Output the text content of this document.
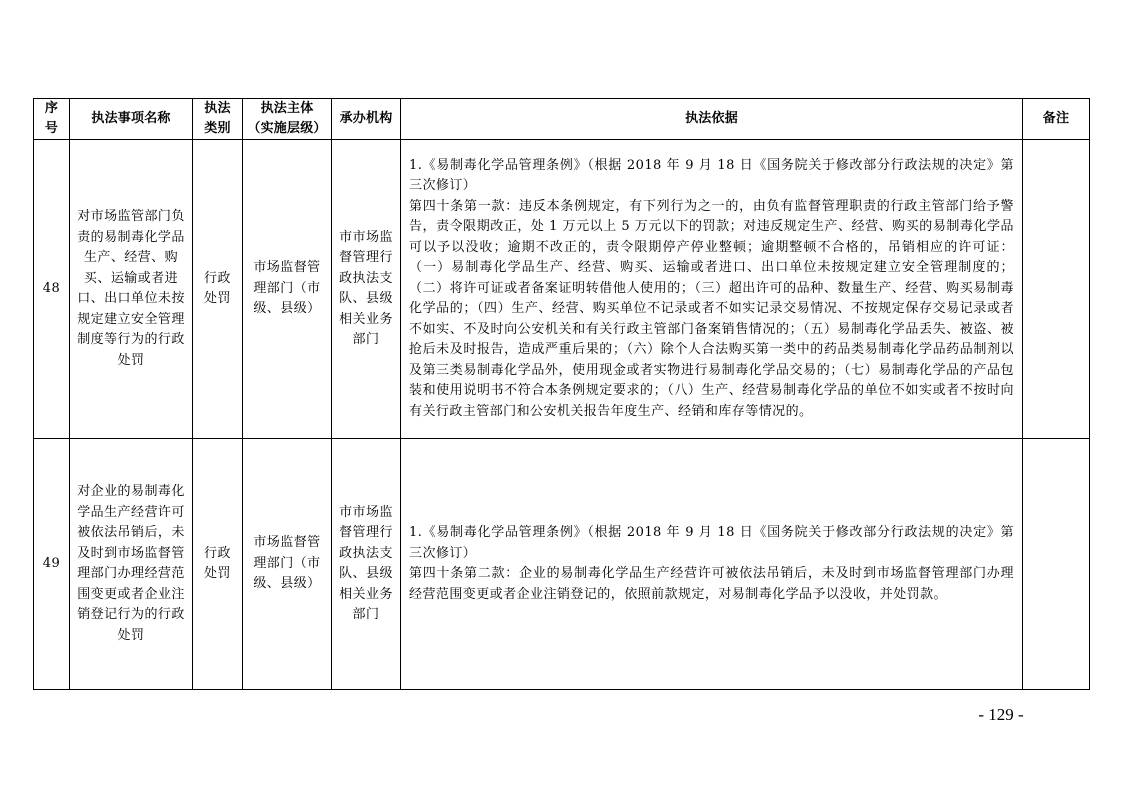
序号	执法事项名称	执法类别	执法主体（实施层级）	承办机构	执法依据	备注
48	对市场监管部门负责的易制毒化学品生产、经营、购买、运输或者进口、出口单位未按规定建立安全管理制度等行为的行政处罚	行政处罚	市场监督管理部门（市级、县级）	市市场监督管理行政执法支队、县级相关业务部门	1.《易制毒化学品管理条例》（根据 2018 年 9 月 18 日《国务院关于修改部分行政法规的决定》第三次修订）

第四十条第一款：违反本条例规定，有下列行为之一的，由负有监督管理职责的行政主管部门给予警告，责令限期改正，处 1 万元以上 5 万元以下的罚款；对违反规定生产、经营、购买的易制毒化学品可以予以没收；逾期不改正的，责令限期停产停业整顿；逾期整顿不合格的，吊销相应的许可证：（一）易制毒化学品生产、经营、购买、运输或者进口、出口单位未按规定建立安全管理制度的；（二）将许可证或者备案证明转借他人使用的；（三）超出许可的品种、数量生产、经营、购买易制毒化学品的；（四）生产、经营、购买单位不记录或者不如实记录交易情况、不按规定保存交易记录或者不如实、不及时向公安机关和有关行政主管部门备案销售情况的；（五）易制毒化学品丢失、被盗、被抢后未及时报告，造成严重后果的；（六）除个人合法购买第一类中的药品类易制毒化学品药品制剂以及第三类易制毒化学品外，使用现金或者实物进行易制毒化学品交易的；（七）易制毒化学品的产品包装和使用说明书不符合本条例规定要求的；（八）生产、经营易制毒化学品的单位不如实或者不按时向有关行政主管部门和公安机关报告年度生产、经销和库存等情况的。	

49	对企业的易制毒化学品生产经营许可被依法吊销后，未及时到市场监督管理部门办理经营范围变更或者企业注销登记行为的行政处罚	行政处罚	市场监督管理部门（市级、县级）	市市场监督管理行政执法支队、县级相关业务部门	1.《易制毒化学品管理条例》（根据 2018 年 9 月 18 日《国务院关于修改部分行政法规的决定》第三次修订）

第四十条第二款：企业的易制毒化学品生产经营许可被依法吊销后，未及时到市场监督管理部门办理经营范围变更或者企业注销登记的，依照前款规定，对易制毒化学品予以没收，并处罚款。	

- 129 -
